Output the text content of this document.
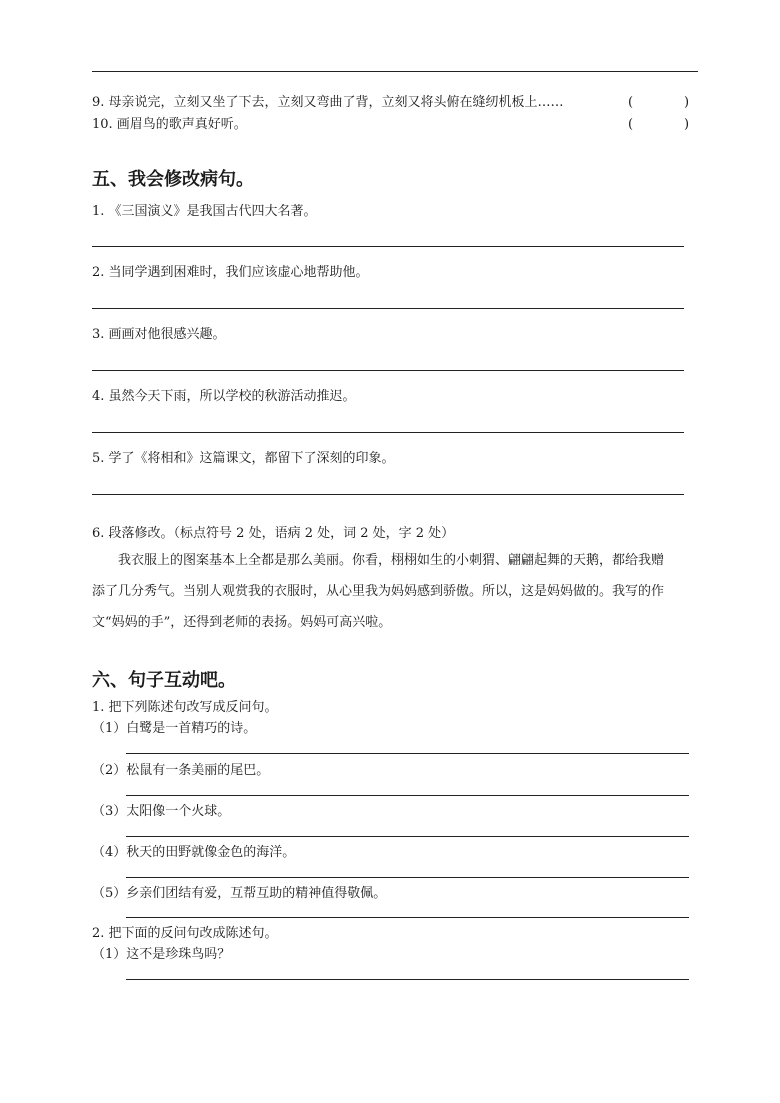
9. 母亲说完，立刻又坐了下去，立刻又弯曲了背，立刻又将头俯在缝纫机板上……	(	)
10. 画眉鸟的歌声真好听。	(	)
五、我会修改病句。
1. 《三国演义》是我国古代四大名著。
2. 当同学遇到困难时，我们应该虚心地帮助他。
3. 画画对他很感兴趣。
4. 虽然今天下雨，所以学校的秋游活动推迟。
5. 学了《将相和》这篇课文，都留下了深刻的印象。
6. 段落修改。（标点符号 2 处，语病 2 处，词 2 处，字 2 处）
我衣服上的图案基本上全都是那么美丽。你看，栩栩如生的小刺猬、翩翩起舞的天鹅，都给我赠
添了几分秀气。当别人观赏我的衣服时，从心里我为妈妈感到骄傲。所以，这是妈妈做的。我写的作
文“妈妈的手”，还得到老师的表扬。妈妈可高兴啦。
六、句子互动吧。
1. 把下列陈述句改写成反问句。
（1）白鹭是一首精巧的诗。
（2）松鼠有一条美丽的尾巴。
（3）太阳像一个火球。
（4）秋天的田野就像金色的海洋。
（5）乡亲们团结有爱，互帮互助的精神值得敬佩。
2. 把下面的反问句改成陈述句。
（1）这不是珍珠鸟吗？
